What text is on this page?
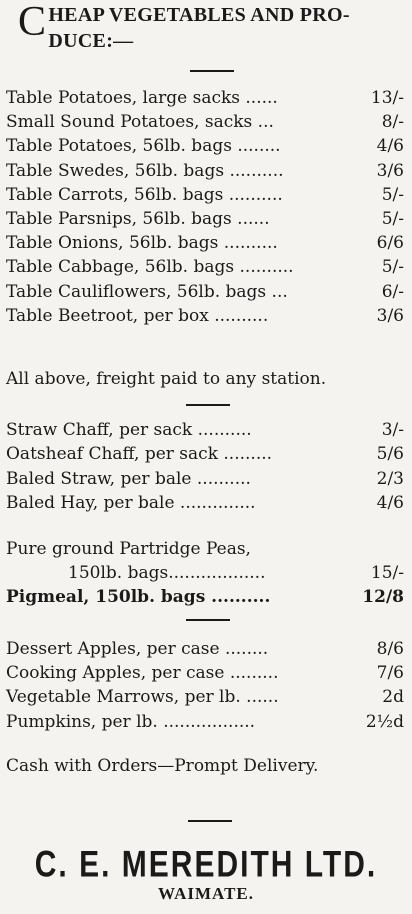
C HEAP VEGETABLES AND PRO-
DUCE:—
Table Potatoes, large sacks ......	13/-
Small Sound Potatoes, sacks ...	8/-
Table Potatoes, 56lb. bags ........	4/6
Table Swedes, 56lb. bags ..........	3/6
Table Carrots, 56lb. bags ..........	5/-
Table Parsnips, 56lb. bags ......	5/-
Table Onions, 56lb. bags ..........	6/6
Table Cabbage, 56lb. bags ..........	5/-
Table Cauliflowers, 56lb. bags ...	6/-
Table Beetroot, per box ..........	3/6
All above, freight paid to any station.
Straw Chaff, per sack ..........	3/-
Oatsheaf Chaff, per sack .........	5/6
Baled Straw, per bale ..........	2/3
Baled Hay, per bale ..............	4/6
Pure ground Partridge Peas,
150lb. bags..................	15/-
Pigmeal, 150lb. bags ..........	12/8
Dessert Apples, per case ........	8/6
Cooking Apples, per case .........	7/6
Vegetable Marrows, per lb. ......	2d
Pumpkins, per lb. .................	2½d
Cash with Orders—Prompt Delivery.
C. E. MEREDITH LTD.
WAIMATE.
